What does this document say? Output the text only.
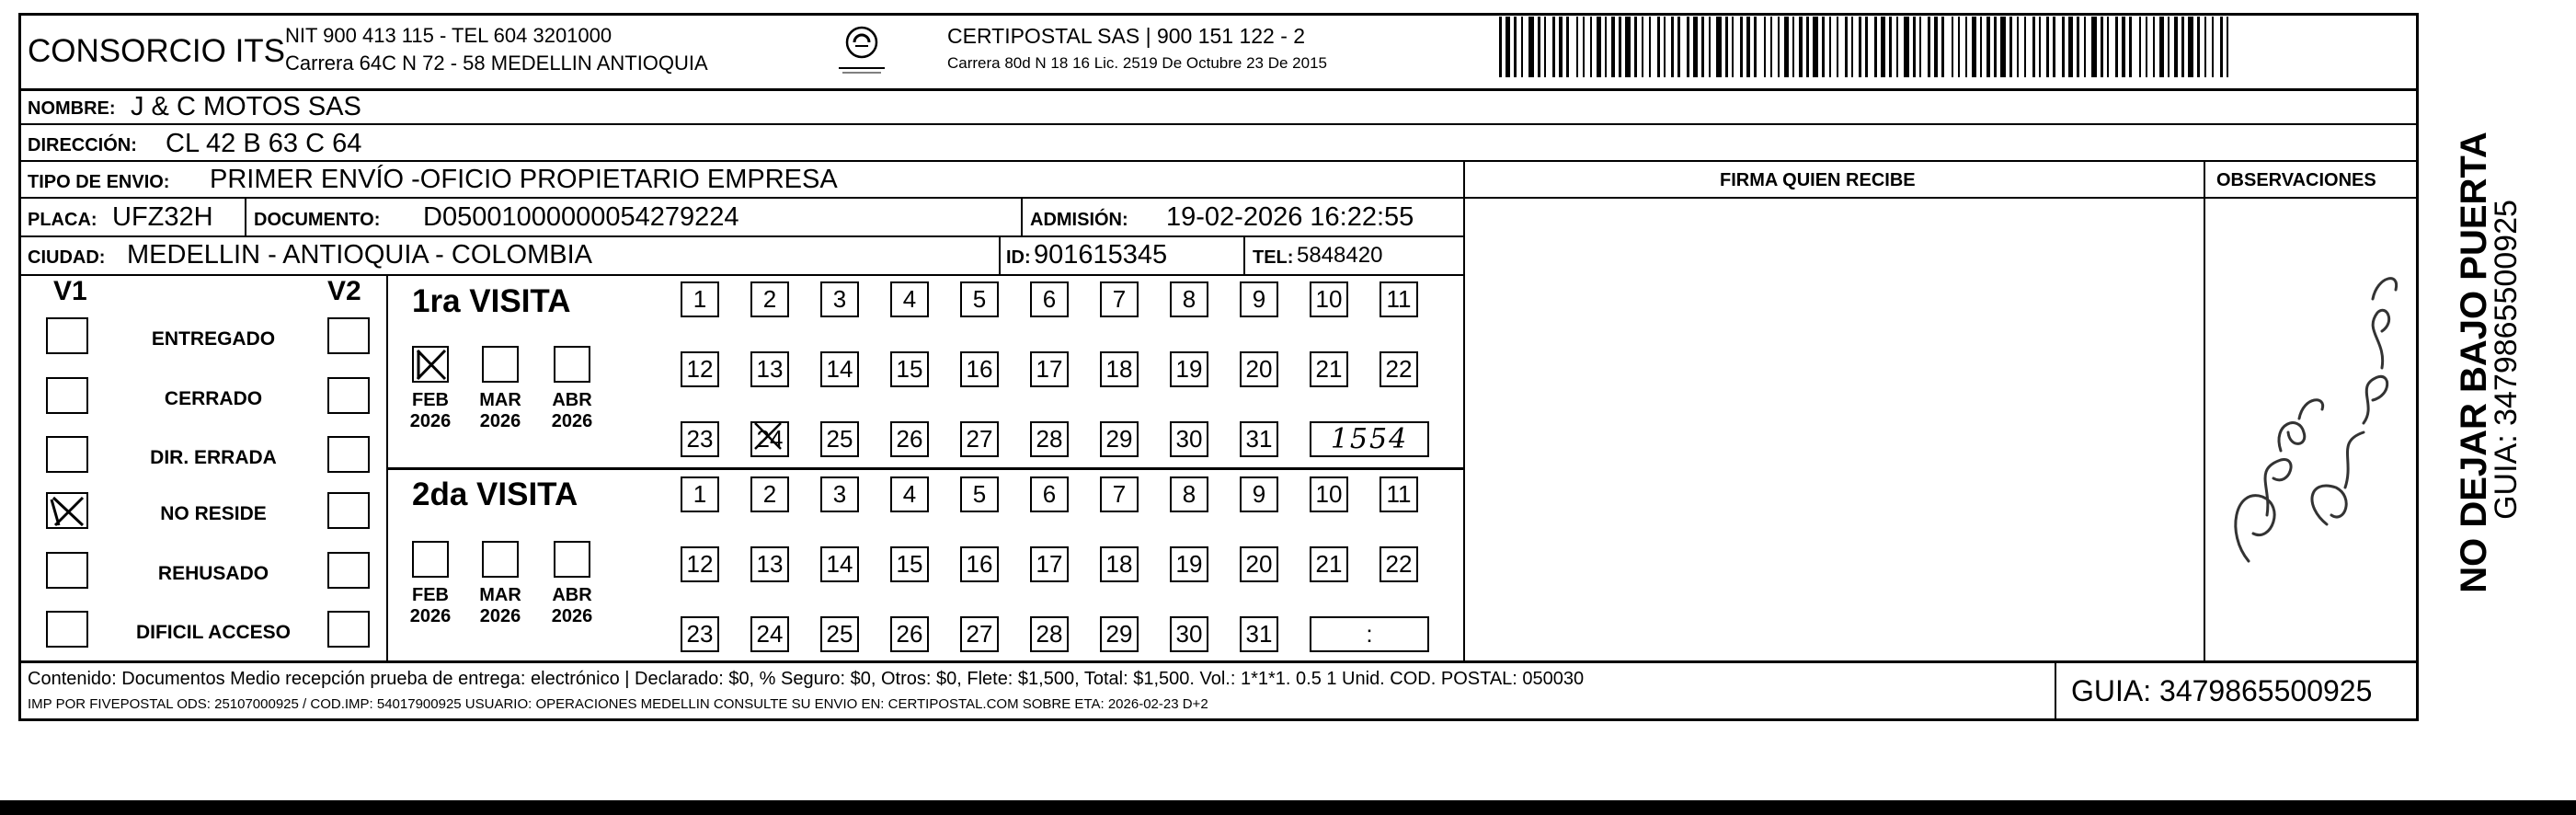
CONSORCIO ITS NIT 900 413 115 - TEL 604 3201000
Carrera 64C N 72 - 58 MEDELLIN ANTIOQUIA
CERTIPOSTAL SAS | 900 151 122 - 2
Carrera 80d N 18 16 Lic. 2519 De Octubre 23 De 2015
NOMBRE: J & C MOTOS SAS
DIRECCIÓN: CL 42 B 63 C 64
TIPO DE ENVIO: PRIMER ENVÍO -OFICIO PROPIETARIO EMPRESA
PLACA: UFZ32H DOCUMENTO: D05001000000054279224	ADMISIÓN: 19-02-2026 16:22:55
CIUDAD: MEDELLIN - ANTIOQUIA - COLOMBIA	ID: 901615345	TEL: 5848420
FIRMA QUIEN RECIBE	OBSERVACIONES
V1	V2
ENTREGADO
CERRADO
DIR. ERRADA
NO RESIDE
REHUSADO
DIFICIL ACCESO
1ra VISITA
FEB
2026
MAR
2026
ABR
2026
1	2	3	4	5	6	7	8	9	10 11
12 13 14 15 16 17 18 19 20 21 22
23 24 25 26 27 28 29 30 31	1554
2da VISITA
FEB
2026
MAR
2026
ABR
2026
1	2	3	4	5	6	7	8	9	10 11
12 13 14 15 16 17 18 19 20 21 22
23 24 25 26 27 28 29 30 31	:
Contenido: Documentos Medio recepción prueba de entrega: electrónico | Declarado: $0, % Seguro: $0, Otros: $0, Flete: $1,500, Total: $1,500. Vol.: 1*1*1. 0.5 1 Unid. COD. POSTAL: 050030
IMP POR FIVEPOSTAL ODS: 25107000925 / COD.IMP: 54017900925 USUARIO: OPERACIONES MEDELLIN CONSULTE SU ENVIO EN: CERTIPOSTAL.COM SOBRE ETA: 2026-02-23 D+2	GUIA: 3479865500925
NO DEJAR BAJO PUERTA
GUIA: 3479865500925
